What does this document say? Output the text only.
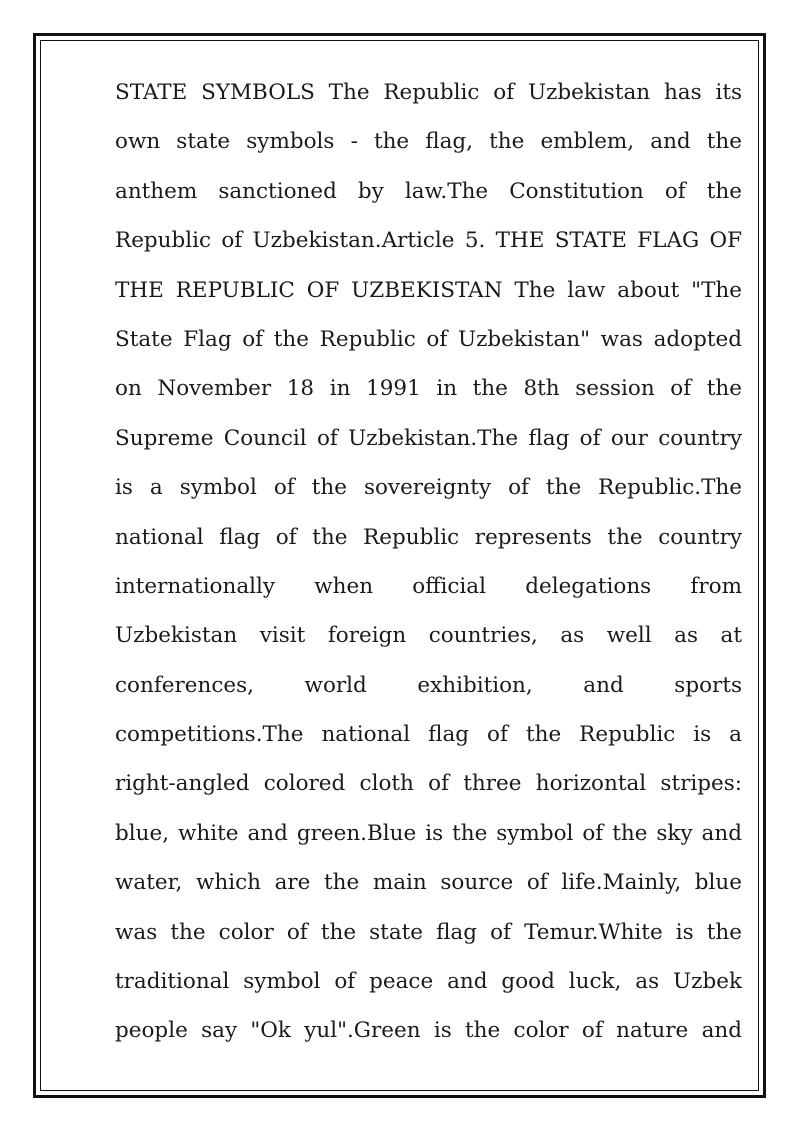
STATE SYMBOLS The Republic of Uzbekistan has its
own state symbols - the flag, the emblem, and the
anthem sanctioned by law.The Constitution of the
Republic of Uzbekistan.Article 5. THE STATE FLAG OF
THE REPUBLIC OF UZBEKISTAN The law about "The
State Flag of the Republic of Uzbekistan" was adopted
on November 18 in 1991 in the 8th session of the
Supreme Council of Uzbekistan.The flag of our country
is a symbol of the sovereignty of the Republic.The
national flag of the Republic represents the country
internationally when official delegations from
Uzbekistan visit foreign countries, as well as at
conferences, world exhibition, and sports
competitions.The national flag of the Republic is a
right-angled colored cloth of three horizontal stripes:
blue, white and green.Blue is the symbol of the sky and
water, which are the main source of life.Mainly, blue
was the color of the state flag of Temur.White is the
traditional symbol of peace and good luck, as Uzbek
people say "Ok yul".Green is the color of nature and
